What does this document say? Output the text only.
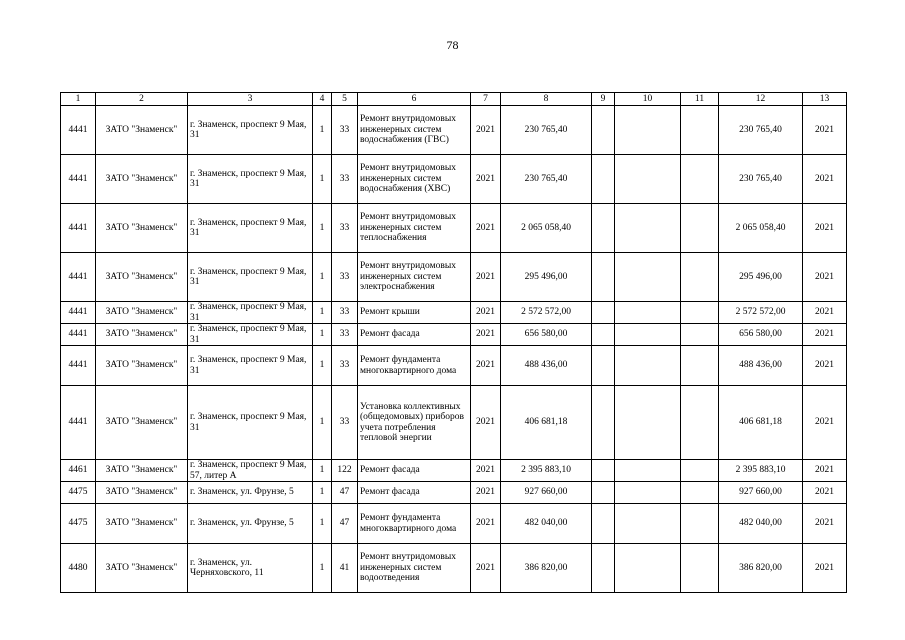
78
1	2	3	4	5	6	7	8	9	10	11	12	13
4441	ЗАТО "Знаменск"	г. Знаменск, проспект 9 Мая, 31	1	33	Ремонт внутридомовых инженерных систем водоснабжения (ГВС)	2021	230 765,40				230 765,40	2021
4441	ЗАТО "Знаменск"	г. Знаменск, проспект 9 Мая, 31	1	33	Ремонт внутридомовых инженерных систем водоснабжения (ХВС)	2021	230 765,40				230 765,40	2021
4441	ЗАТО "Знаменск"	г. Знаменск, проспект 9 Мая, 31	1	33	Ремонт внутридомовых инженерных систем теплоснабжения	2021	2 065 058,40				2 065 058,40	2021
4441	ЗАТО "Знаменск"	г. Знаменск, проспект 9 Мая, 31	1	33	Ремонт внутридомовых инженерных систем электроснабжения	2021	295 496,00				295 496,00	2021
4441	ЗАТО "Знаменск"	г. Знаменск, проспект 9 Мая, 31	1	33	Ремонт крыши	2021	2 572 572,00				2 572 572,00	2021
4441	ЗАТО "Знаменск"	г. Знаменск, проспект 9 Мая, 31	1	33	Ремонт фасада	2021	656 580,00				656 580,00	2021
4441	ЗАТО "Знаменск"	г. Знаменск, проспект 9 Мая, 31	1	33	Ремонт фундамента многоквартирного дома	2021	488 436,00				488 436,00	2021
4441	ЗАТО "Знаменск"	г. Знаменск, проспект 9 Мая, 31	1	33	Установка коллективных (общедомовых) приборов учета потребления тепловой энергии	2021	406 681,18				406 681,18	2021
4461	ЗАТО "Знаменск"	г. Знаменск, проспект 9 Мая, 57, литер А	1	122	Ремонт фасада	2021	2 395 883,10				2 395 883,10	2021
4475	ЗАТО "Знаменск"	г. Знаменск, ул. Фрунзе, 5	1	47	Ремонт фасада	2021	927 660,00				927 660,00	2021
4475	ЗАТО "Знаменск"	г. Знаменск, ул. Фрунзе, 5	1	47	Ремонт фундамента многоквартирного дома	2021	482 040,00				482 040,00	2021
4480	ЗАТО "Знаменск"	г. Знаменск, ул. Черняховского, 11	1	41	Ремонт внутридомовых инженерных систем водоотведения	2021	386 820,00				386 820,00	2021
